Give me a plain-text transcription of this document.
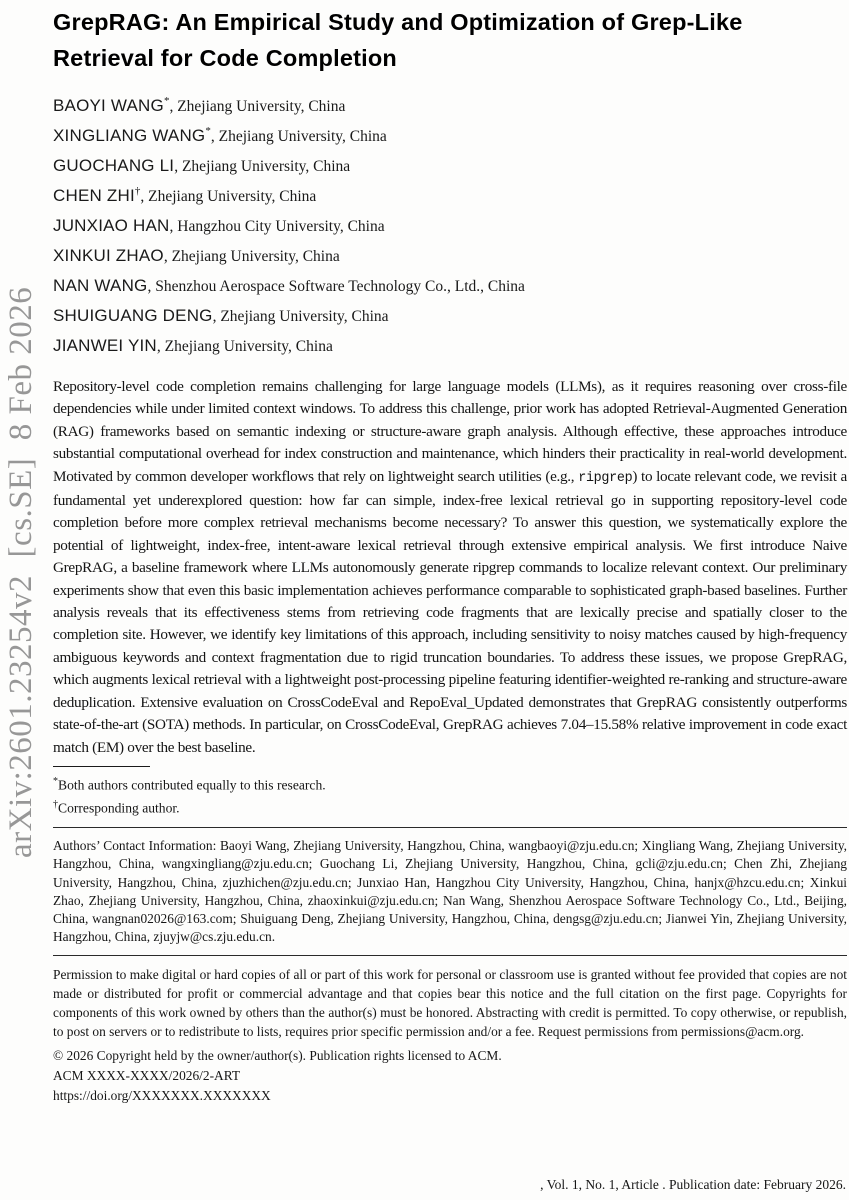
arXiv:2601.23254v2  [cs.SE]  8 Feb 2026
GrepRAG: An Empirical Study and Optimization of Grep-Like Retrieval for Code Completion
BAOYI WANG*, Zhejiang University, China
XINGLIANG WANG*, Zhejiang University, China
GUOCHANG LI, Zhejiang University, China
CHEN ZHI†, Zhejiang University, China
JUNXIAO HAN, Hangzhou City University, China
XINKUI ZHAO, Zhejiang University, China
NAN WANG, Shenzhou Aerospace Software Technology Co., Ltd., China
SHUIGUANG DENG, Zhejiang University, China
JIANWEI YIN, Zhejiang University, China

Repository-level code completion remains challenging for large language models (LLMs), as it requires reasoning over cross-file dependencies while under limited context windows. To address this challenge, prior work has adopted Retrieval-Augmented Generation (RAG) frameworks based on semantic indexing or structure-aware graph analysis. Although effective, these approaches introduce substantial computational overhead for index construction and maintenance, which hinders their practicality in real-world development. Motivated by common developer workflows that rely on lightweight search utilities (e.g., ripgrep) to locate relevant code, we revisit a fundamental yet underexplored question: how far can simple, index-free lexical retrieval go in supporting repository-level code completion before more complex retrieval mechanisms become necessary? To answer this question, we systematically explore the potential of lightweight, index-free, intent-aware lexical retrieval through extensive empirical analysis. We first introduce Naive GrepRAG, a baseline framework where LLMs autonomously generate ripgrep commands to localize relevant context. Our preliminary experiments show that even this basic implementation achieves performance comparable to sophisticated graph-based baselines. Further analysis reveals that its effectiveness stems from retrieving code fragments that are lexically precise and spatially closer to the completion site. However, we identify key limitations of this approach, including sensitivity to noisy matches caused by high-frequency ambiguous keywords and context fragmentation due to rigid truncation boundaries. To address these issues, we propose GrepRAG, which augments lexical retrieval with a lightweight post-processing pipeline featuring identifier-weighted re-ranking and structure-aware deduplication. Extensive evaluation on CrossCodeEval and RepoEval_Updated demonstrates that GrepRAG consistently outperforms state-of-the-art (SOTA) methods. In particular, on CrossCodeEval, GrepRAG achieves 7.04–15.58% relative improvement in code exact match (EM) over the best baseline.

*Both authors contributed equally to this research.
†Corresponding author.

Authors’ Contact Information: Baoyi Wang, Zhejiang University, Hangzhou, China, wangbaoyi@zju.edu.cn; Xingliang Wang, Zhejiang University, Hangzhou, China, wangxingliang@zju.edu.cn; Guochang Li, Zhejiang University, Hangzhou, China, gcli@zju.edu.cn; Chen Zhi, Zhejiang University, Hangzhou, China, zjuzhichen@zju.edu.cn; Junxiao Han, Hangzhou City University, Hangzhou, China, hanjx@hzcu.edu.cn; Xinkui Zhao, Zhejiang University, Hangzhou, China, zhaoxinkui@zju.edu.cn; Nan Wang, Shenzhou Aerospace Software Technology Co., Ltd., Beijing, China, wangnan02026@163.com; Shuiguang Deng, Zhejiang University, Hangzhou, China, dengsg@zju.edu.cn; Jianwei Yin, Zhejiang University, Hangzhou, China, zjuyjw@cs.zju.edu.cn.

Permission to make digital or hard copies of all or part of this work for personal or classroom use is granted without fee provided that copies are not made or distributed for profit or commercial advantage and that copies bear this notice and the full citation on the first page. Copyrights for components of this work owned by others than the author(s) must be honored. Abstracting with credit is permitted. To copy otherwise, or republish, to post on servers or to redistribute to lists, requires prior specific permission and/or a fee. Request permissions from permissions@acm.org.

© 2026 Copyright held by the owner/author(s). Publication rights licensed to ACM.
ACM XXXX-XXXX/2026/2-ART
https://doi.org/XXXXXXX.XXXXXXX
, Vol. 1, No. 1, Article . Publication date: February 2026.
